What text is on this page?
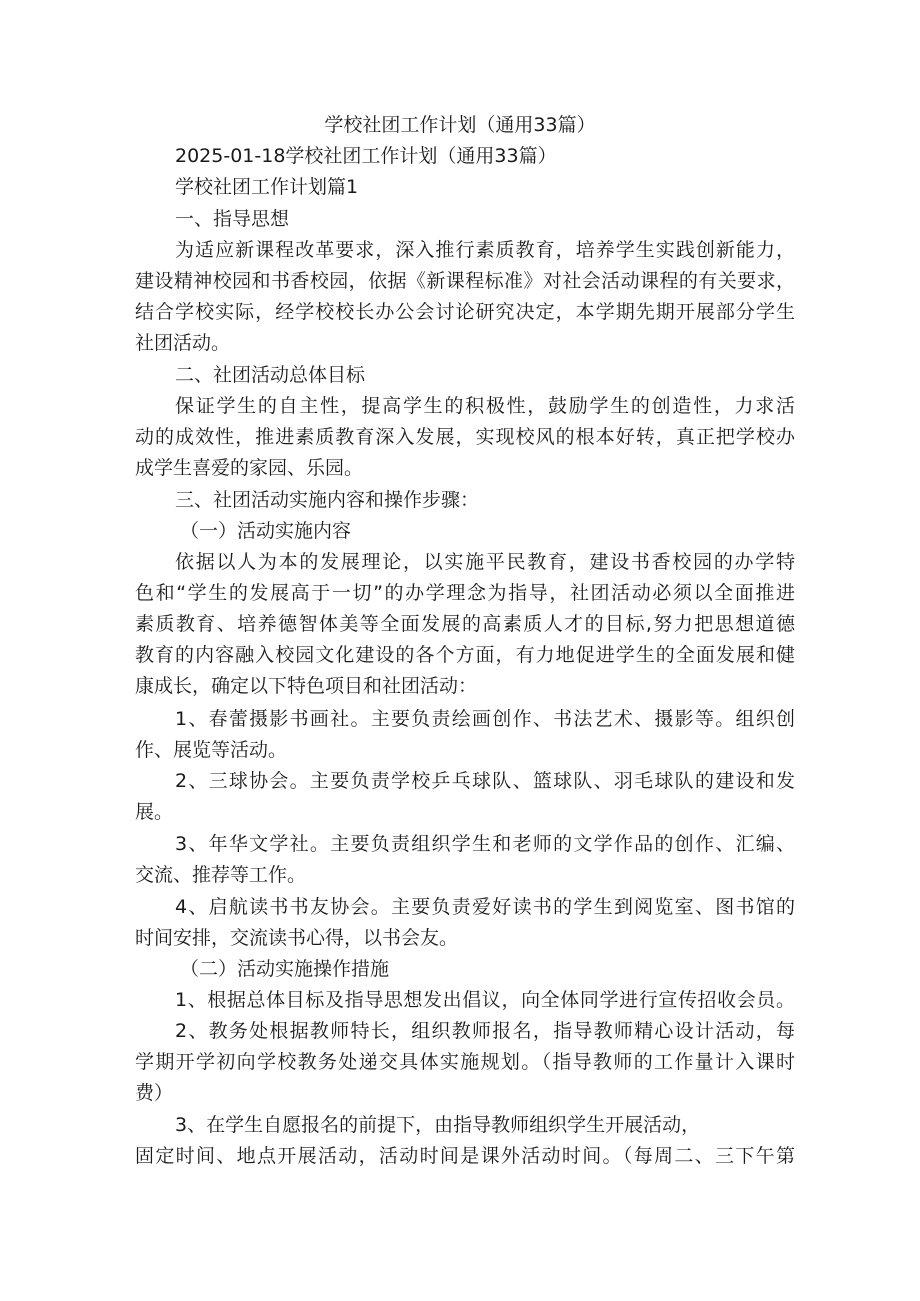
学校社团工作计划（通用33篇）
2025-01-18学校社团工作计划（通用33篇）
学校社团工作计划篇1
一、指导思想
为适应新课程改革要求，深入推行素质教育，培养学生实践创新能力，
建设精神校园和书香校园，依据《新课程标准》对社会活动课程的有关要求，
结合学校实际，经学校校长办公会讨论研究决定，本学期先期开展部分学生
社团活动。
二、社团活动总体目标
保证学生的自主性，提高学生的积极性，鼓励学生的创造性，力求活
动的成效性，推进素质教育深入发展，实现校风的根本好转，真正把学校办
成学生喜爱的家园、乐园。
三、社团活动实施内容和操作步骤：
（一）活动实施内容
依据以人为本的发展理论，以实施平民教育，建设书香校园的办学特
色和“学生的发展高于一切”的办学理念为指导，社团活动必须以全面推进
素质教育、培养德智体美等全面发展的高素质人才的目标,努力把思想道德
教育的内容融入校园文化建设的各个方面，有力地促进学生的全面发展和健
康成长，确定以下特色项目和社团活动：
1、春蕾摄影书画社。主要负责绘画创作、书法艺术、摄影等。组织创
作、展览等活动。
2、三球协会。主要负责学校乒乓球队、篮球队、羽毛球队的建设和发
展。
3、年华文学社。主要负责组织学生和老师的文学作品的创作、汇编、
交流、推荐等工作。
4、启航读书书友协会。主要负责爱好读书的学生到阅览室、图书馆的
时间安排，交流读书心得，以书会友。
（二）活动实施操作措施
1、根据总体目标及指导思想发出倡议，向全体同学进行宣传招收会员。
2、教务处根据教师特长，组织教师报名，指导教师精心设计活动，每
学期开学初向学校教务处递交具体实施规划。（指导教师的工作量计入课时
费）
3、在学生自愿报名的前提下，由指导教师组织学生开展活动，
固定时间、地点开展活动，活动时间是课外活动时间。（每周二、三下午第
